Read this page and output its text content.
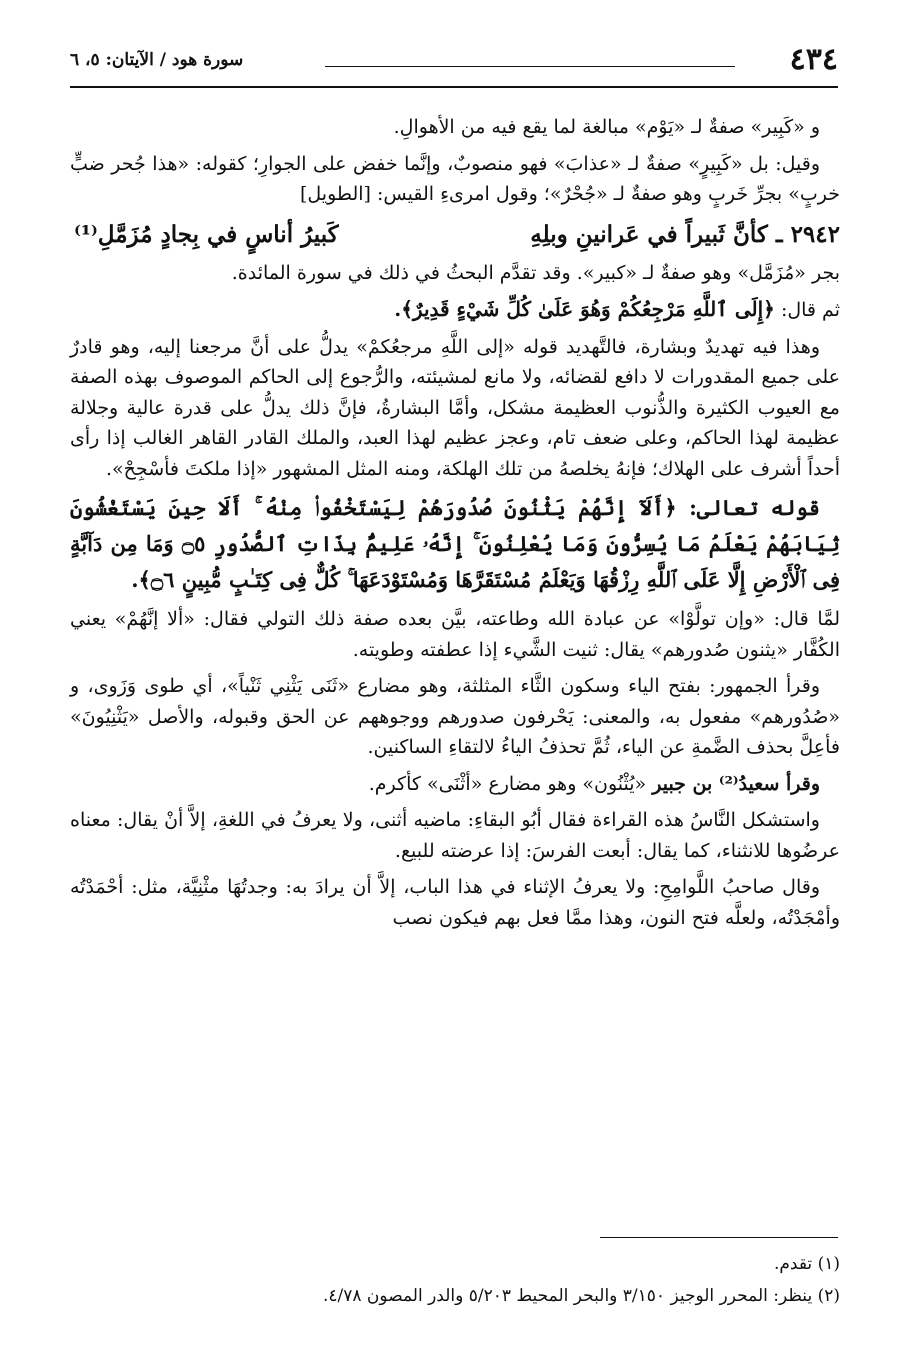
٤٣٤
سورة هود / الآيتان: ٥، ٦

و «كَبِير» صفةٌ لـ «يَوْم» مبالغة لما يقع فيه من الأهوالِ.

وقيل: بل «كَبِيرٍ» صفةٌ لـ «عذابَ» فهو منصوبٌ، وإنَّما خفض على الجوارِ؛ كقوله: «هذا جُحر ضبٍّ خربٍ» بجرِّ خَربٍ وهو صفةٌ لـ «جُحْرٌ»؛ وقول امرىءِ القيس: [الطويل]

٢٩٤٢ ـ كأنَّ ثَبيراً في عَرانينِ وبلِهِ
كَبيرُ أناسٍ في بِجادٍ مُزَمَّلِ⁽¹⁾

بجر «مُزَمَّل» وهو صفةٌ لـ «كبير». وقد تقدَّم البحثُ في ذلك في سورة المائدة.

ثم قال: ﴿إِلَى ٱللَّهِ مَرْجِعُكُمْ وَهُوَ عَلَىٰ كُلِّ شَيْءٍ قَدِيرٌ﴾.

وهذا فيه تهديدٌ وبشارة، فالتَّهديد قوله «إلى اللَّهِ مرجعُكمْ» يدلُّ على أنَّ مرجعنا إليه، وهو قادرٌ على جميع المقدورات لا دافع لقضائه، ولا مانع لمشيئته، والرُّجوع إلى الحاكم الموصوف بهذه الصفة مع العيوب الكثيرة والذُّنوب العظيمة مشكل، وأمَّا البشارةُ، فإنَّ ذلك يدلُّ على قدرة عالية وجلالة عظيمة لهذا الحاكم، وعلى ضعف تام، وعجز عظيم لهذا العبد، والملك القادر القاهر الغالب إذا رأى أحداً أشرف على الهلاك؛ فإنهُ يخلصهُ من تلك الهلكة، ومنه المثل المشهور «إذا ملكتَ فأسْجِحْ».

قوله تعالى: ﴿أَلَآ إِنَّهُمْ يَثْنُونَ صُدُورَهُمْ لِيَسْتَخْفُوا۟ مِنْهُ ۚ أَلَا حِينَ يَسْتَغْشُونَ ثِيَابَهُمْ يَعْلَمُ مَا يُسِرُّونَ وَمَا يُعْلِنُونَ ۚ إِنَّهُۥ عَلِيمٌۢ بِذَاتِ ٱلصُّدُورِ ۝٥ وَمَا مِن دَآبَّةٍ فِى ٱلْأَرْضِ إِلَّا عَلَى ٱللَّهِ رِزْقُهَا وَيَعْلَمُ مُسْتَقَرَّهَا وَمُسْتَوْدَعَهَا ۚ كُلٌّ فِى كِتَـٰبٍ مُّبِينٍ ۝٦﴾.

لمَّا قال: «وإن تولَّوْا» عن عبادة الله وطاعته، بيَّن بعده صفة ذلك التولي فقال: «ألا إنَّهُمْ» يعني الكُفَّار «يثنون صُدورهم» يقال: ثنيت الشَّيء إذا عطفته وطويته.

وقرأ الجمهور: بفتح الياء وسكون الثَّاء المثلثة، وهو مضارع «ثَنَى يَثْنِي ثَنْياً»، أي طوى وَزَوى، و «صُدُورهم» مفعول به، والمعنى: يَحْرفون صدورهم ووجوههم عن الحق وقبوله، والأصل «يَثْنِيُونَ» فأعِلَّ بحذف الضَّمةِ عن الياء، ثُمَّ تحذفُ الياءُ لالتقاءِ الساكنين.

وقرأ سعيدُ⁽²⁾ بن جبير «يُثْنُون» وهو مضارع «أثْنَى» كأكرم.

واستشكل النَّاسُ هذه القراءة فقال أبُو البقاءِ: ماضيه أثنى، ولا يعرفُ في اللغةِ، إلاَّ أنْ يقال: معناه عرضُوها للانثناء، كما يقال: أبعت الفرسَ: إذا عرضته للبيع.

وقال صاحبُ اللَّوامِحِ: ولا يعرفُ الإثناء في هذا الباب، إلاَّ أن يرادَ به: وجدتُهَا مثْنِيَّة، مثل: أحْمَدْتُه وأمْجَدْتُه، ولعلَّه فتح النون، وهذا ممَّا فعل بهم فيكون نصب

(١) تقدم.
(٢) ينظر: المحرر الوجيز ٣/١٥٠ والبحر المحيط ٥/٢٠٣ والدر المصون ٤/٧٨.
